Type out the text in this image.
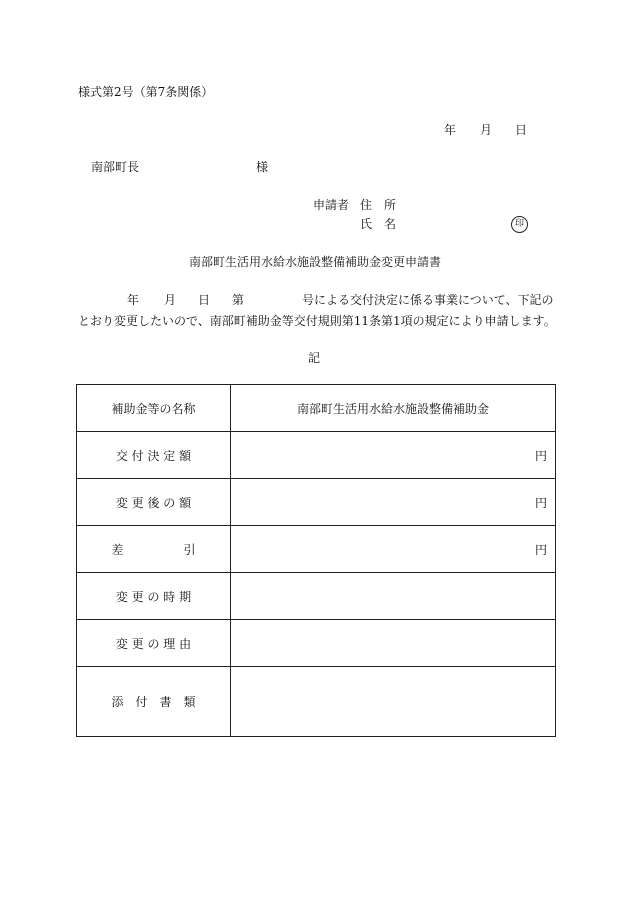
様式第2号（第7条関係）
年 月 日
南部町長	様
申請者 住　所
氏　名	印
南部町生活用水給水施設整備補助金変更申請書
年 月 日 第	号による交付決定に係る事業について、下記の
とおり変更したいので、南部町補助金等交付規則第11条第1項の規定により申請します。
記
補助金等の名称	南部町生活用水給水施設整備補助金
交 付 決 定 額	円
変 更 後 の 額	円
差　　　　　引	円
変 更 の 時 期	
変 更 の 理 由	
添　付　書　類	
